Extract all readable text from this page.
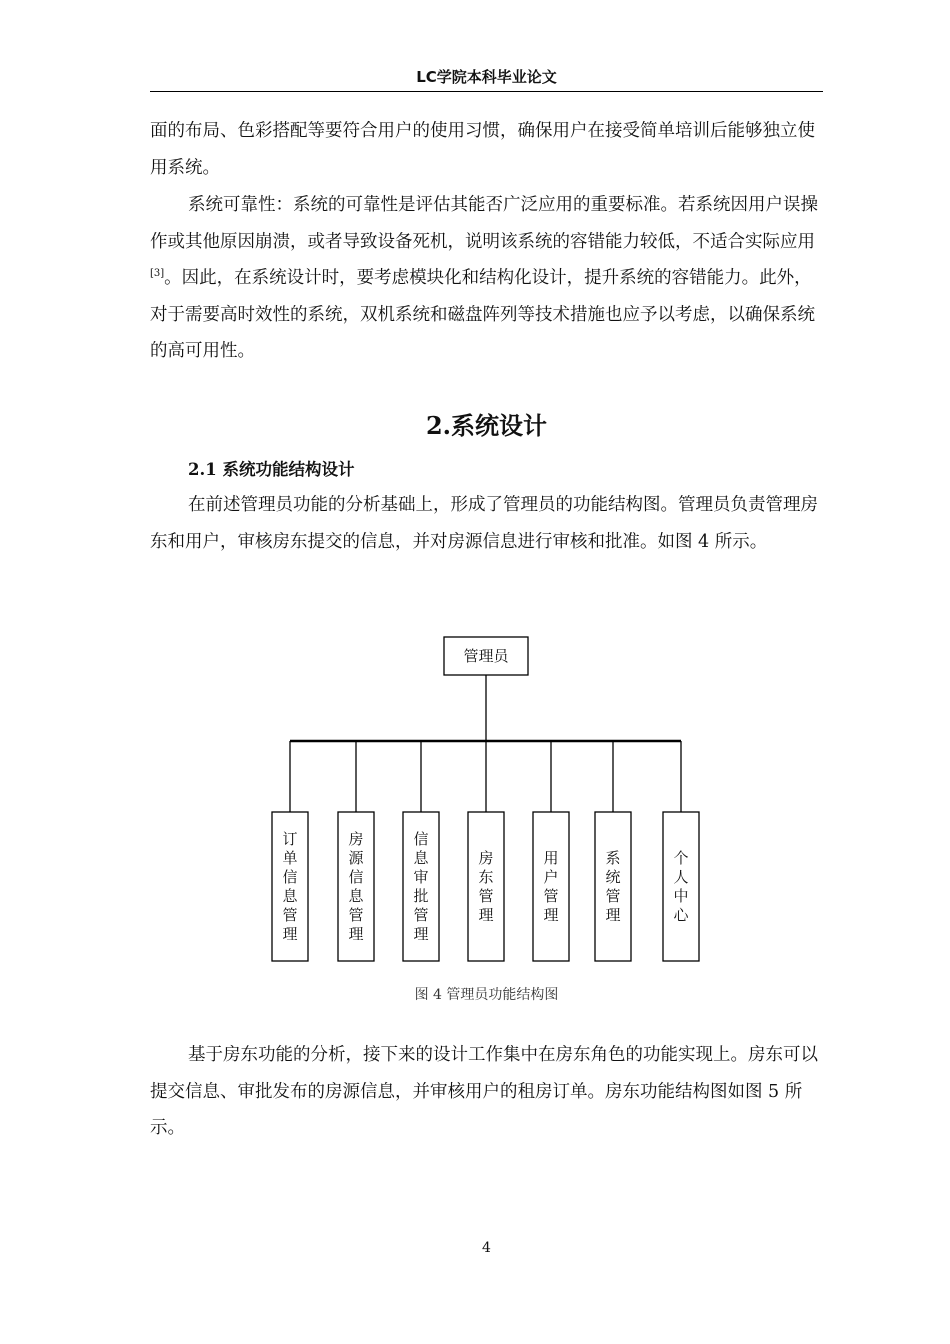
LC学院本科毕业论文

面的布局、色彩搭配等要符合用户的使用习惯，确保用户在接受简单培训后能够独立使用系统。

系统可靠性：系统的可靠性是评估其能否广泛应用的重要标准。若系统因用户误操作或其他原因崩溃，或者导致设备死机，说明该系统的容错能力较低，不适合实际应用[3]。因此，在系统设计时，要考虑模块化和结构化设计，提升系统的容错能力。此外，对于需要高时效性的系统，双机系统和磁盘阵列等技术措施也应予以考虑，以确保系统的高可用性。

2.系统设计
2.1 系统功能结构设计

在前述管理员功能的分析基础上，形成了管理员的功能结构图。管理员负责管理房东和用户，审核房东提交的信息，并对房源信息进行审核和批准。如图 4 所示。

管理员
订
单
信
息
管
理
房
源
信
息
管
理
信
息
审
批
管
理
房
东
管
理
用
户
管
理
系
统
管
理
个
人
中
心
图 4 管理员功能结构图

基于房东功能的分析，接下来的设计工作集中在房东角色的功能实现上。房东可以提交信息、审批发布的房源信息，并审核用户的租房订单。房东功能结构图如图 5 所示。

4
